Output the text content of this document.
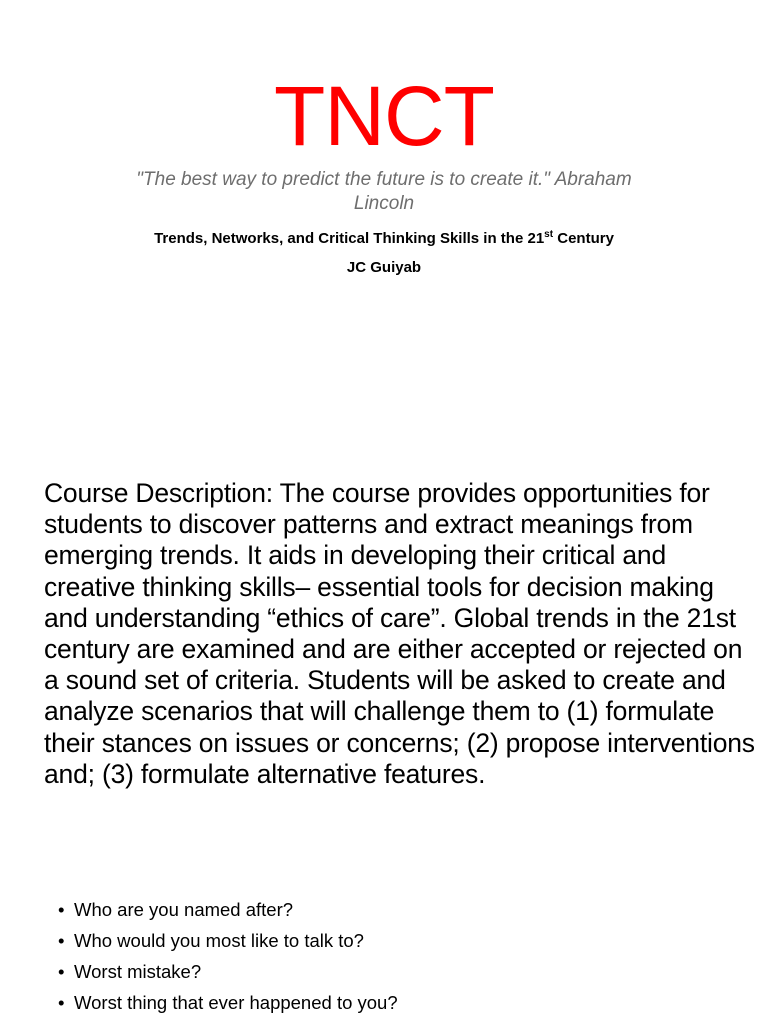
TNCT
"The best way to predict the future is to create it." Abraham Lincoln
Trends, Networks, and Critical Thinking Skills in the 21st Century
JC Guiyab

Course Description: The course provides opportunities for students to discover patterns and extract meanings from emerging trends. It aids in developing their critical and creative thinking skills– essential tools for decision making and understanding “ethics of care”. Global trends in the 21st century are examined and are either accepted or rejected on a sound set of criteria. Students will be asked to create and analyze scenarios that will challenge them to (1) formulate their stances on issues or concerns; (2) propose interventions and; (3) formulate alternative features.

• Who are you named after?
• Who would you most like to talk to?
• Worst mistake?
• Worst thing that ever happened to you?
